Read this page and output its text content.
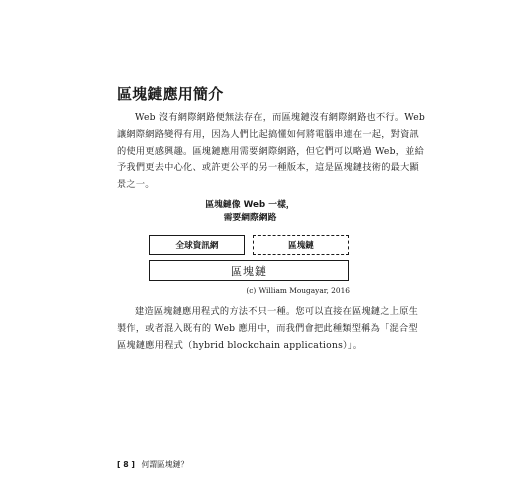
區塊鏈應用簡介

Web 沒有網際網路便無法存在，而區塊鏈沒有網際網路也不行。Web
讓網際網路變得有用，因為人們比起搞懂如何將電腦串連在一起，對資訊
的使用更感興趣。區塊鏈應用需要網際網路，但它們可以略過 Web，並給
予我們更去中心化、或許更公平的另一種版本，這是區塊鏈技術的最大顯
景之一。

區塊鏈像 Web 一樣，
需要網際網路
全球資訊網	區塊鏈
區塊鏈
(c) William Mougayar, 2016

建造區塊鏈應用程式的方法不只一種。您可以直接在區塊鏈之上原生
製作，或者混入既有的 Web 應用中，而我們會把此種類型稱為「混合型
區塊鏈應用程式（hybrid blockchain applications）」。

[ 8 ] 何謂區塊鏈？
